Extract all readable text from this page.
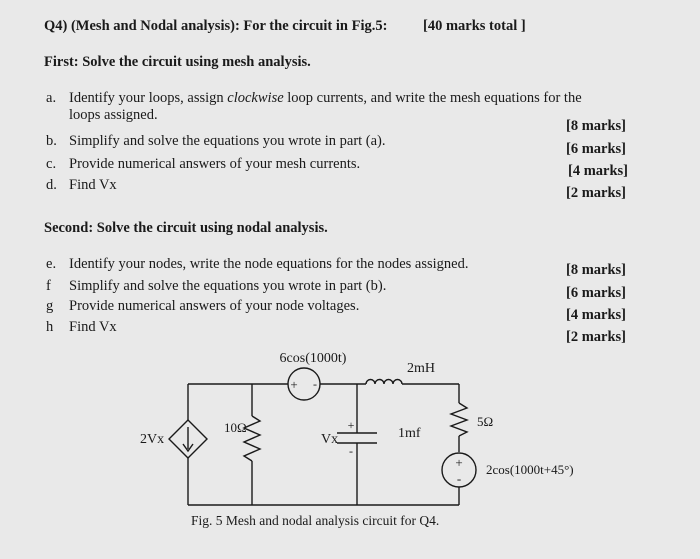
Q4) (Mesh and Nodal analysis): For the circuit in Fig.5: [40 marks total ]
First: Solve the circuit using mesh analysis.
a. Identify your loops, assign clockwise loop currents, and write the mesh equations for the
loops assigned.
[8 marks]
b. Simplify and solve the equations you wrote in part (a).	[6 marks]
c. Provide numerical answers of your mesh currents.	[4 marks]
d. Find Vx	[2 marks]
Second: Solve the circuit using nodal analysis.
e. Identify your nodes, write the node equations for the nodes assigned.	[8 marks]
f Simplify and solve the equations you wrote in part (b).	[6 marks]
g Provide numerical answers of your node voltages.
[4 marks]
h Find Vx
[2 marks]
6cos(1000t)
+ -
2mH
2Vx
10Ω
Vx
+
-
1mf
5Ω
+
-
2cos(1000t+45°)
Fig. 5 Mesh and nodal analysis circuit for Q4.
